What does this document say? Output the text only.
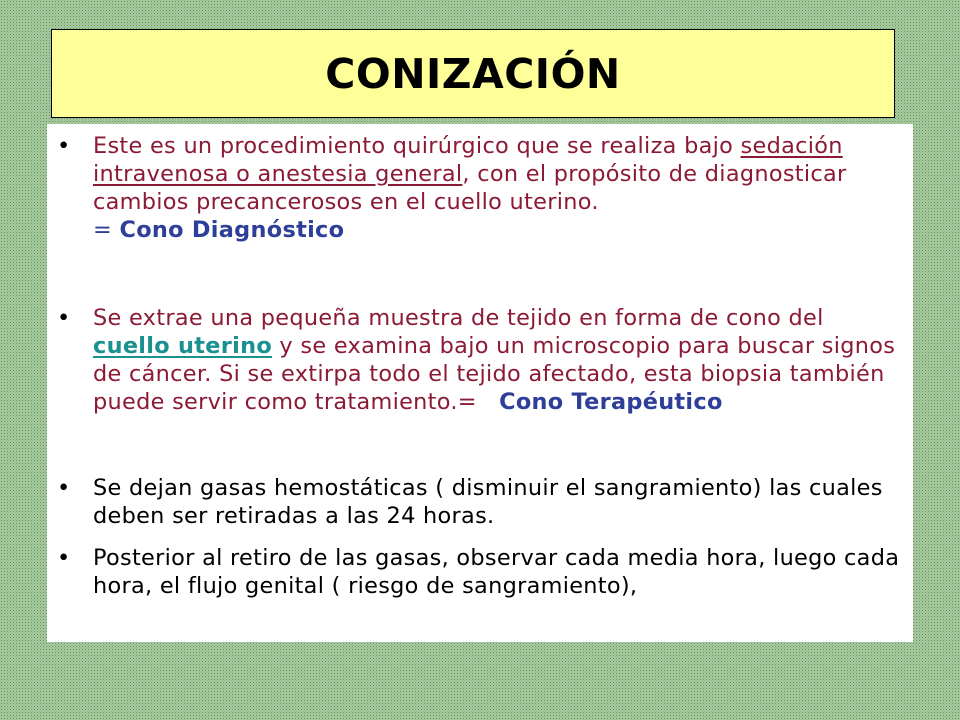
CONIZACIÓN
• Este es un procedimiento quirúrgico que se realiza bajo sedación intravenosa o anestesia general, con el propósito de diagnosticar cambios precancerosos en el cuello uterino.
= Cono Diagnóstico
• Se extrae una pequeña muestra de tejido en forma de cono del cuello uterino y se examina bajo un microscopio para buscar signos de cáncer. Si se extirpa todo el tejido afectado, esta biopsia también puede servir como tratamiento.= Cono Terapéutico
• Se dejan gasas hemostáticas ( disminuir el sangramiento) las cuales deben ser retiradas a las 24 horas.
• Posterior al retiro de las gasas, observar cada media hora, luego cada hora, el flujo genital ( riesgo de sangramiento),
